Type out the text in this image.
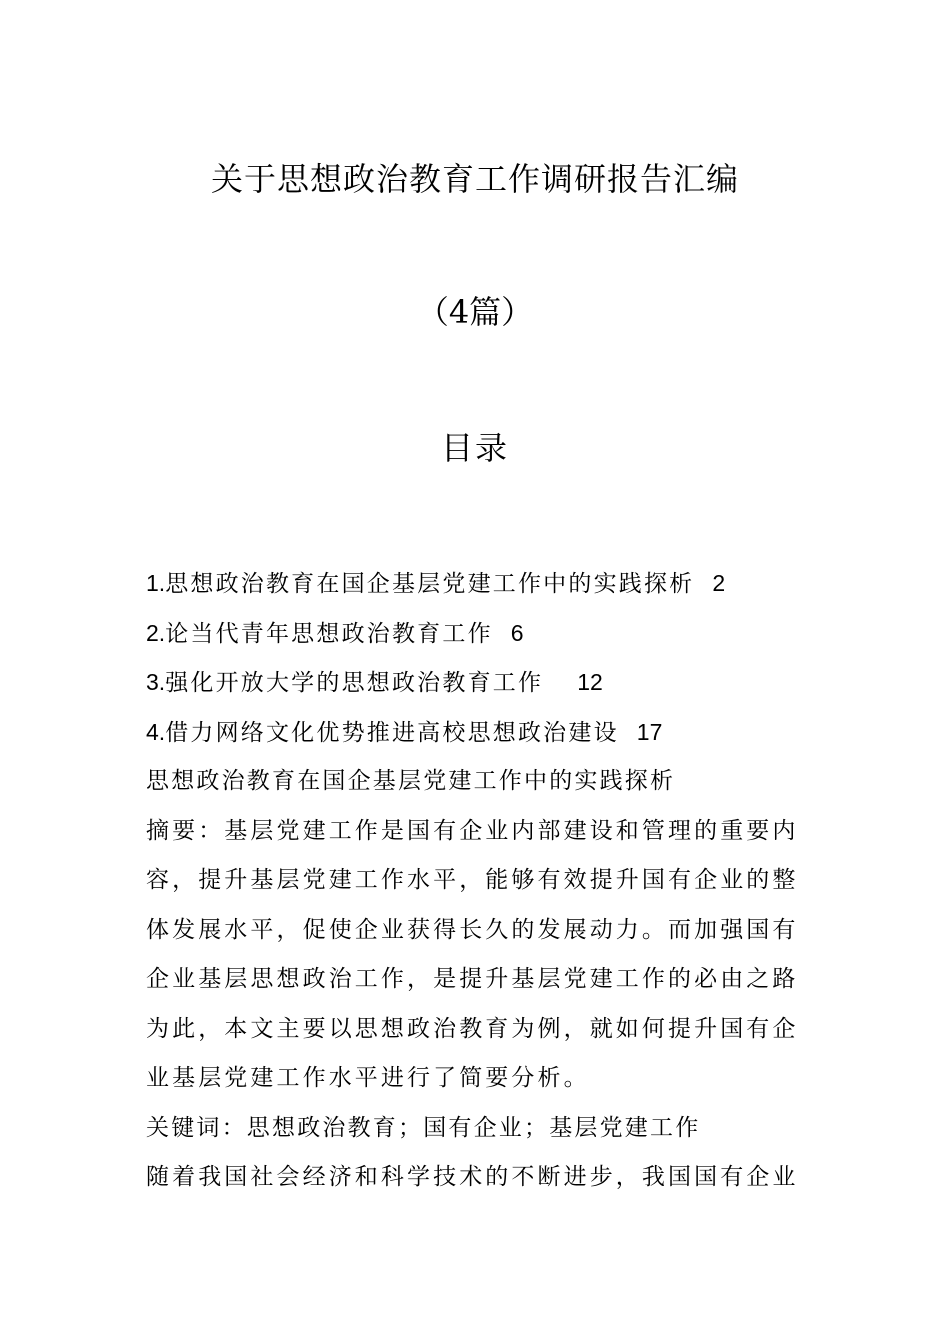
关于思想政治教育工作调研报告汇编
（4篇）
目录
1.思想政治教育在国企基层党建工作中的实践探析 2
2.论当代青年思想政治教育工作 6
3.强化开放大学的思想政治教育工作 12
4.借力网络文化优势推进高校思想政治建设 17
思想政治教育在国企基层党建工作中的实践探析
摘要：基层党建工作是国有企业内部建设和管理的重要内
容，提升基层党建工作水平，能够有效提升国有企业的整
体发展水平，促使企业获得长久的发展动力。而加强国有
企业基层思想政治工作，是提升基层党建工作的必由之路
为此，本文主要以思想政治教育为例，就如何提升国有企
业基层党建工作水平进行了简要分析。
关键词：思想政治教育；国有企业；基层党建工作
随着我国社会经济和科学技术的不断进步，我国国有企业
